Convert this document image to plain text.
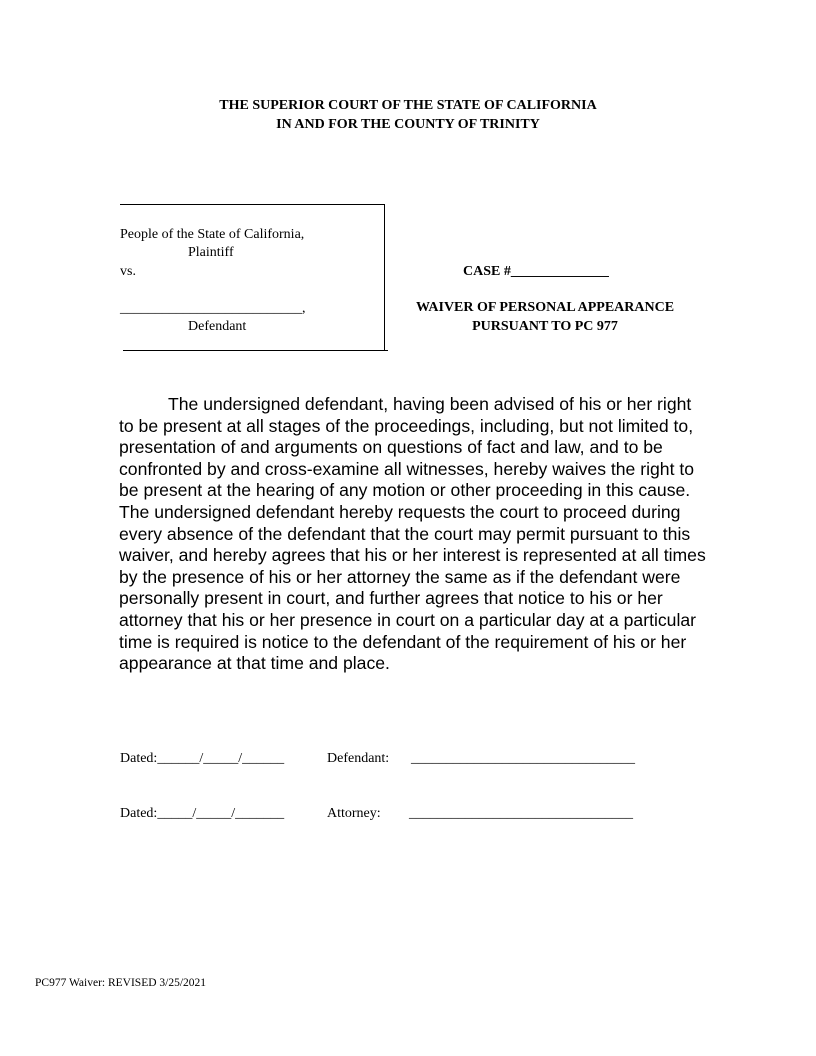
THE SUPERIOR COURT OF THE STATE OF CALIFORNIA
IN AND FOR THE COUNTY OF TRINITY
People of the State of California,
Plaintiff
vs.
__________________________,
Defendant
CASE #______________
WAIVER OF PERSONAL APPEARANCE
PURSUANT TO PC 977
The undersigned defendant, having been advised of his or her right to be present at all stages of the proceedings, including, but not limited to, presentation of and arguments on questions of fact and law, and to be confronted by and cross-examine all witnesses, hereby waives the right to be present at the hearing of any motion or other proceeding in this cause. The undersigned defendant hereby requests the court to proceed during every absence of the defendant that the court may permit pursuant to this waiver, and hereby agrees that his or her interest is represented at all times by the presence of his or her attorney the same as if the defendant were personally present in court, and further agrees that notice to his or her attorney that his or her presence in court on a particular day at a particular time is required is notice to the defendant of the requirement of his or her appearance at that time and place.
Dated:______/_____/______	Defendant: ________________________________
Dated:_____/_____/_______	Attorney: ________________________________
PC977 Waiver: REVISED 3/25/2021
